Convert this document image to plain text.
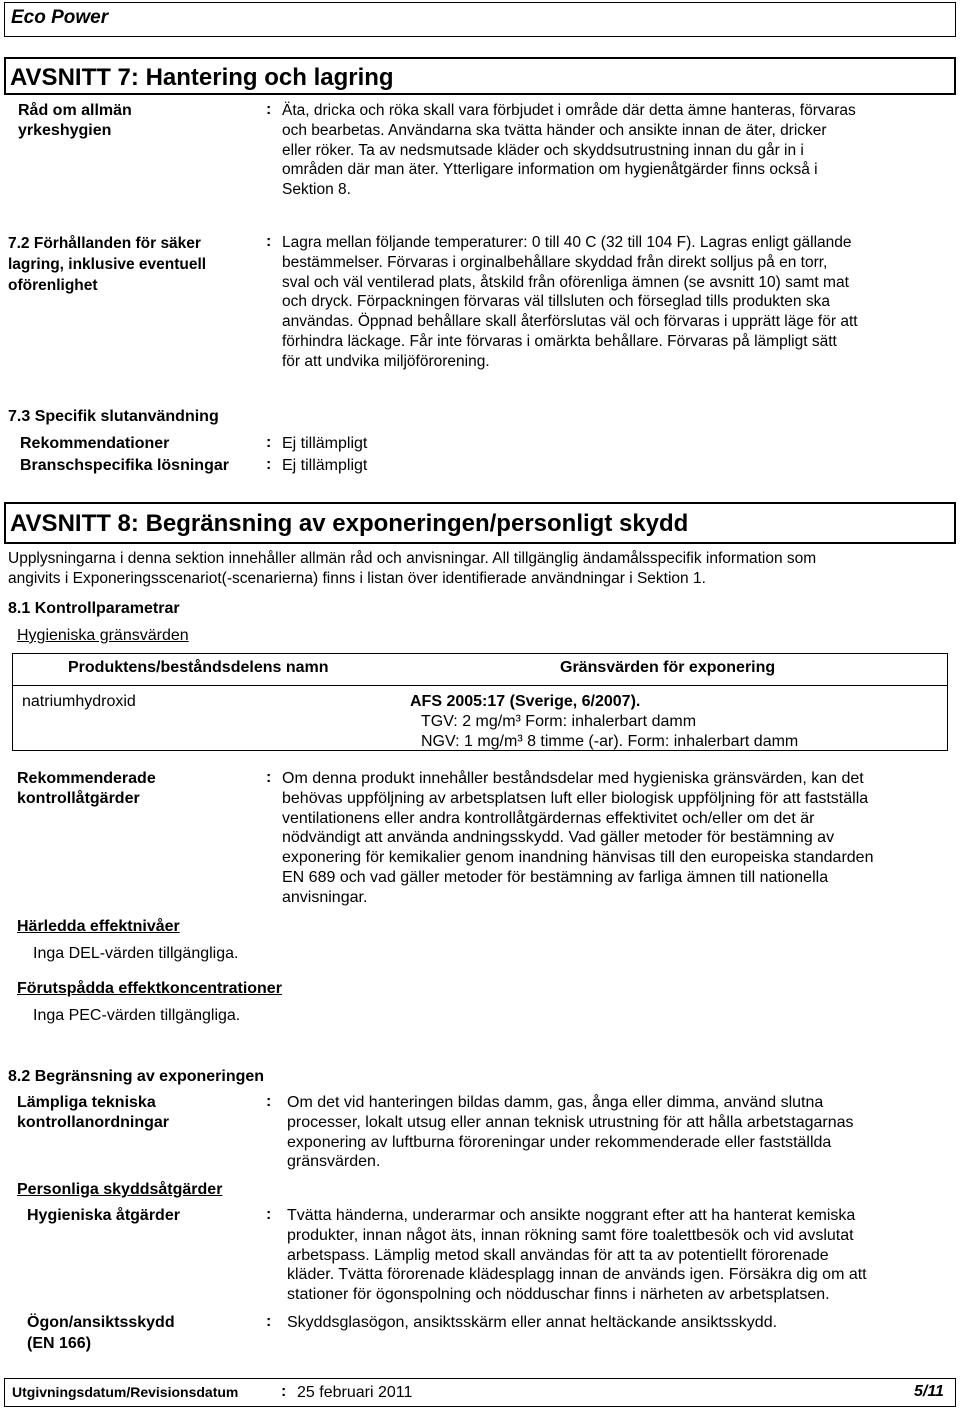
Eco Power
AVSNITT 7: Hantering och lagring
Råd om allmän yrkeshygien
: Äta, dricka och röka skall vara förbjudet i område där detta ämne hanteras, förvaras
och bearbetas. Användarna ska tvätta händer och ansikte innan de äter, dricker
eller röker. Ta av nedsmutsade kläder och skyddsutrustning innan du går in i
områden där man äter. Ytterligare information om hygienåtgärder finns också i
Sektion 8.
7.2 Förhållanden för säker lagring, inklusive eventuell oförenlighet
: Lagra mellan följande temperaturer: 0 till 40 C (32 till 104 F). Lagras enligt gällande
bestämmelser. Förvaras i orginalbehållare skyddad från direkt solljus på en torr,
sval och väl ventilerad plats, åtskild från oförenliga ämnen (se avsnitt 10) samt mat
och dryck. Förpackningen förvaras väl tillsluten och förseglad tills produkten ska
användas. Öppnad behållare skall återförslutas väl och förvaras i upprätt läge för att
förhindra läckage. Får inte förvaras i omärkta behållare. Förvaras på lämpligt sätt
för att undvika miljöförorening.
7.3 Specifik slutanvändning
Rekommendationer	: Ej tillämpligt
Branschspecifika lösningar : Ej tillämpligt
AVSNITT 8: Begränsning av exponeringen/personligt skydd
Upplysningarna i denna sektion innehåller allmän råd och anvisningar. All tillgänglig ändamålsspecifik information som
angivits i Exponeringsscenariot(-scenarierna) finns i listan över identifierade användningar i Sektion 1.
8.1 Kontrollparametrar
Hygieniska gränsvärden
Produktens/beståndsdelens namn	Gränsvärden för exponering
natriumhydroxid	AFS 2005:17 (Sverige, 6/2007).
TGV: 2 mg/m³ Form: inhalerbart damm
NGV: 1 mg/m³ 8 timme (-ar). Form: inhalerbart damm
Rekommenderade kontrollåtgärder
: Om denna produkt innehåller beståndsdelar med hygieniska gränsvärden, kan det
behövas uppföljning av arbetsplatsen luft eller biologisk uppföljning för att fastställa
ventilationens eller andra kontrollåtgärdernas effektivitet och/eller om det är
nödvändigt att använda andningsskydd. Vad gäller metoder för bestämning av
exponering för kemikalier genom inandning hänvisas till den europeiska standarden
EN 689 och vad gäller metoder för bestämning av farliga ämnen till nationella
anvisningar.
Härledda effektnivåer
Inga DEL-värden tillgängliga.
Förutspådda effektkoncentrationer
Inga PEC-värden tillgängliga.
8.2 Begränsning av exponeringen
Lämpliga tekniska kontrollanordningar
: Om det vid hanteringen bildas damm, gas, ånga eller dimma, använd slutna
processer, lokalt utsug eller annan teknisk utrustning för att hålla arbetstagarnas
exponering av luftburna föroreningar under rekommenderade eller fastställda
gränsvärden.
Personliga skyddsåtgärder
Hygieniska åtgärder	: Tvätta händerna, underarmar och ansikte noggrant efter att ha hanterat kemiska
produkter, innan något äts, innan rökning samt före toalettbesök och vid avslutat
arbetspass. Lämplig metod skall användas för att ta av potentiellt förorenade
kläder. Tvätta förorenade klädesplagg innan de används igen. Försäkra dig om att
stationer för ögonspolning och nödduschar finns i närheten av arbetsplatsen.
Ögon/ansiktsskydd
(EN 166)
: Skyddsglasögon, ansiktsskärm eller annat heltäckande ansiktsskydd.
Utgivningsdatum/Revisionsdatum	: 25 februari 2011	5/11
